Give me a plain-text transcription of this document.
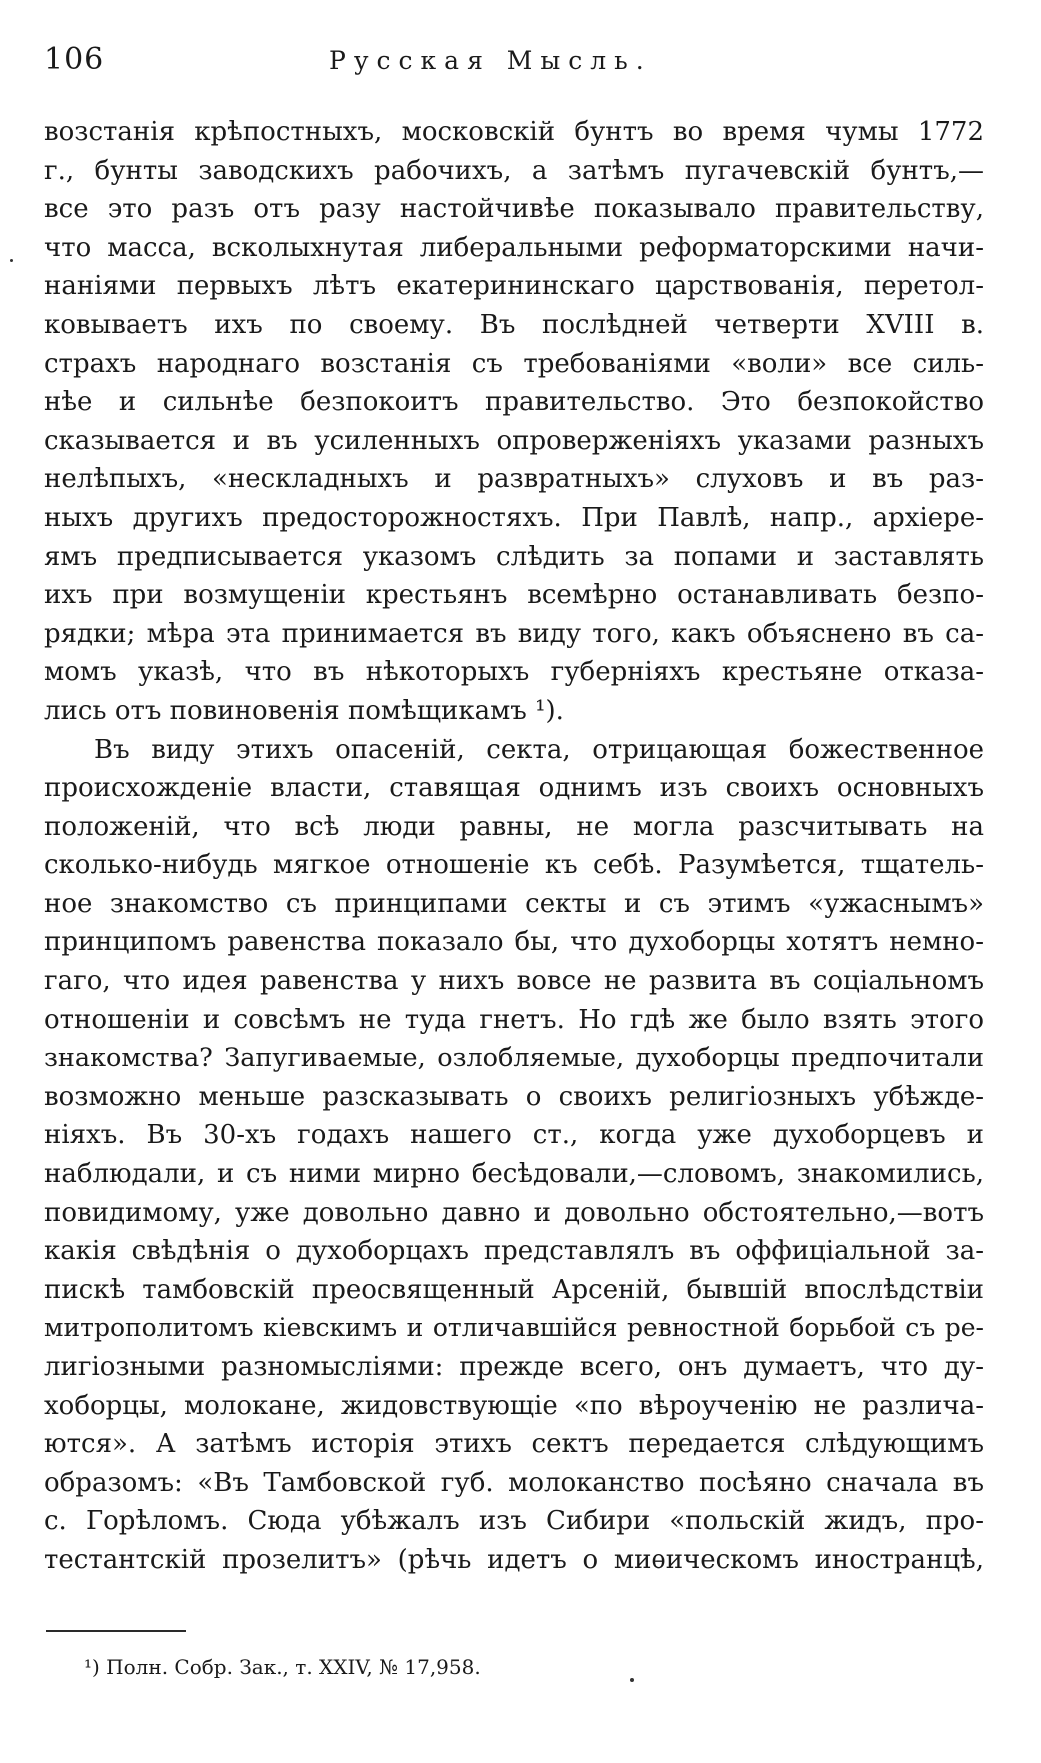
106	Русская Мысль.
возстанія крѣпостныхъ, московскій бунтъ во время чумы 1772
г., бунты заводскихъ рабочихъ, а затѣмъ пугачевскій бунтъ,—
все это разъ отъ разу настойчивѣе показывало правительству,
что масса, всколыхнутая либеральными реформаторскими начи-
наніями первыхъ лѣтъ екатерининскаго царствованія, перетол-
ковываетъ ихъ по своему. Въ послѣдней четверти XVIII в.
страхъ народнаго возстанія съ требованіями «воли» все силь-
нѣе и сильнѣе безпокоитъ правительство. Это безпокойство
сказывается и въ усиленныхъ опроверженіяхъ указами разныхъ
нелѣпыхъ, «нескладныхъ и развратныхъ» слуховъ и въ раз-
ныхъ другихъ предосторожностяхъ. При Павлѣ, напр., архіере-
ямъ предписывается указомъ слѣдить за попами и заставлять
ихъ при возмущеніи крестьянъ всемѣрно останавливать безпо-
рядки; мѣра эта принимается въ виду того, какъ объяснено въ са-
момъ указѣ, что въ нѣкоторыхъ губерніяхъ крестьяне отказа-
лись отъ повиновенія помѣщикамъ ¹).
Въ виду этихъ опасеній, секта, отрицающая божественное
происхожденіе власти, ставящая однимъ изъ своихъ основныхъ
положеній, что всѣ люди равны, не могла разсчитывать на
сколько-нибудь мягкое отношеніе къ себѣ. Разумѣется, тщатель-
ное знакомство съ принципами секты и съ этимъ «ужаснымъ»
принципомъ равенства показало бы, что духоборцы хотятъ немно-
гаго, что идея равенства у нихъ вовсе не развита въ соціальномъ
отношеніи и совсѣмъ не туда гнетъ. Но гдѣ же было взять этого
знакомства? Запугиваемые, озлобляемые, духоборцы предпочитали
возможно меньше разсказывать о своихъ религіозныхъ убѣжде-
ніяхъ. Въ 30-хъ годахъ нашего ст., когда уже духоборцевъ и
наблюдали, и съ ними мирно бесѣдовали,—словомъ, знакомились,
повидимому, уже довольно давно и довольно обстоятельно,—вотъ
какія свѣдѣнія о духоборцахъ представлялъ въ оффиціальной за-
пискѣ тамбовскій преосвященный Арсеній, бывшій впослѣдствіи
митрополитомъ кіевскимъ и отличавшійся ревностной борьбой съ ре-
лигіозными разномысліями: прежде всего, онъ думаетъ, что ду-
хоборцы, молокане, жидовствующіе «по вѣроученію не различа-
ются». А затѣмъ исторія этихъ сектъ передается слѣдующимъ
образомъ: «Въ Тамбовской губ. молоканство посѣяно сначала въ
с. Горѣломъ. Сюда убѣжалъ изъ Сибири «польскій жидъ, про-
тестантскій прозелитъ» (рѣчь идетъ о миѳическомъ иностранцѣ,
¹) Полн. Собр. Зак., т. XXIV, № 17,958.
